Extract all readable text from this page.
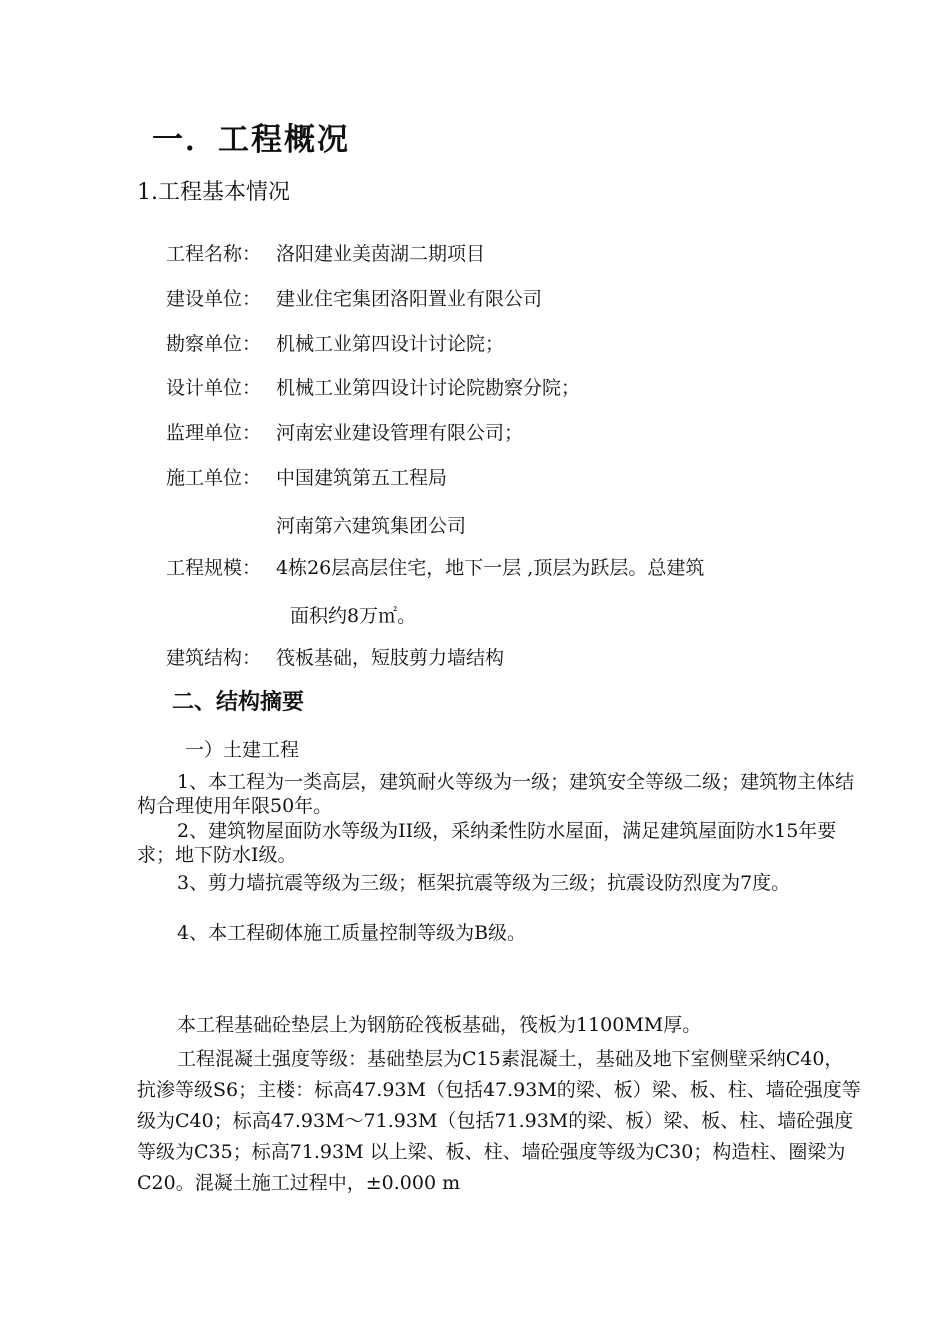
一．工程概况
1.工程基本情况
工程名称： 洛阳建业美茵湖二期项目
建设单位： 建业住宅集团洛阳置业有限公司
勘察单位： 机械工业第四设计讨论院；
设计单位： 机械工业第四设计讨论院勘察分院；
监理单位： 河南宏业建设管理有限公司；
施工单位： 中国建筑第五工程局
河南第六建筑集团公司
工程规模： 4栋26层高层住宅，地下一层 ,顶层为跃层。总建筑
面积约8万㎡。
建筑结构： 筏板基础，短肢剪力墙结构
二、结构摘要
一）土建工程
1、本工程为一类高层，建筑耐火等级为一级；建筑安全等级二级；建筑物主体结构合理使用年限50年。
2、建筑物屋面防水等级为II级，采纳柔性防水屋面，满足建筑屋面防水15年要求；地下防水I级。
3、剪力墙抗震等级为三级；框架抗震等级为三级；抗震设防烈度为7度。
4、本工程砌体施工质量控制等级为B级。
本工程基础砼垫层上为钢筋砼筏板基础，筏板为1100MM厚。
工程混凝土强度等级：基础垫层为C15素混凝土，基础及地下室侧壁采纳C40，抗渗等级S6；主楼：标高47.93M（包括47.93M的梁、板）梁、板、柱、墙砼强度等级为C40；标高47.93M～71.93M（包括71.93M的梁、板）梁、板、柱、墙砼强度等级为C35；标高71.93M 以上梁、板、柱、墙砼强度等级为C30；构造柱、圈梁为C20。混凝土施工过程中，±0.000 m
